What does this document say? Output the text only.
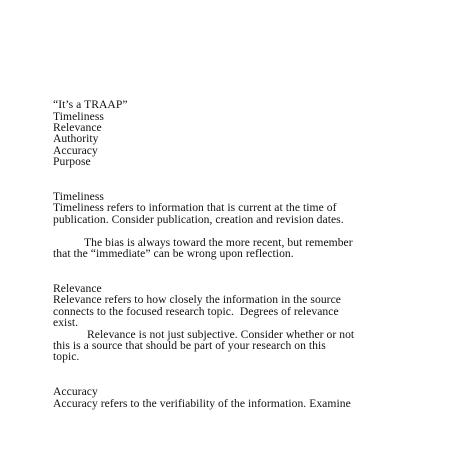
“It’s a TRAAP”
Timeliness
Relevance
Authority
Accuracy
Purpose
Timeliness
Timeliness refers to information that is current at the time of
publication. Consider publication, creation and revision dates.
The bias is always toward the more recent, but remember
that the “immediate” can be wrong upon reflection.
Relevance
Relevance refers to how closely the information in the source
connects to the focused research topic.  Degrees of relevance
exist.
Relevance is not just subjective. Consider whether or not
this is a source that should be part of your research on this
topic.
Accuracy
Accuracy refers to the verifiability of the information. Examine
